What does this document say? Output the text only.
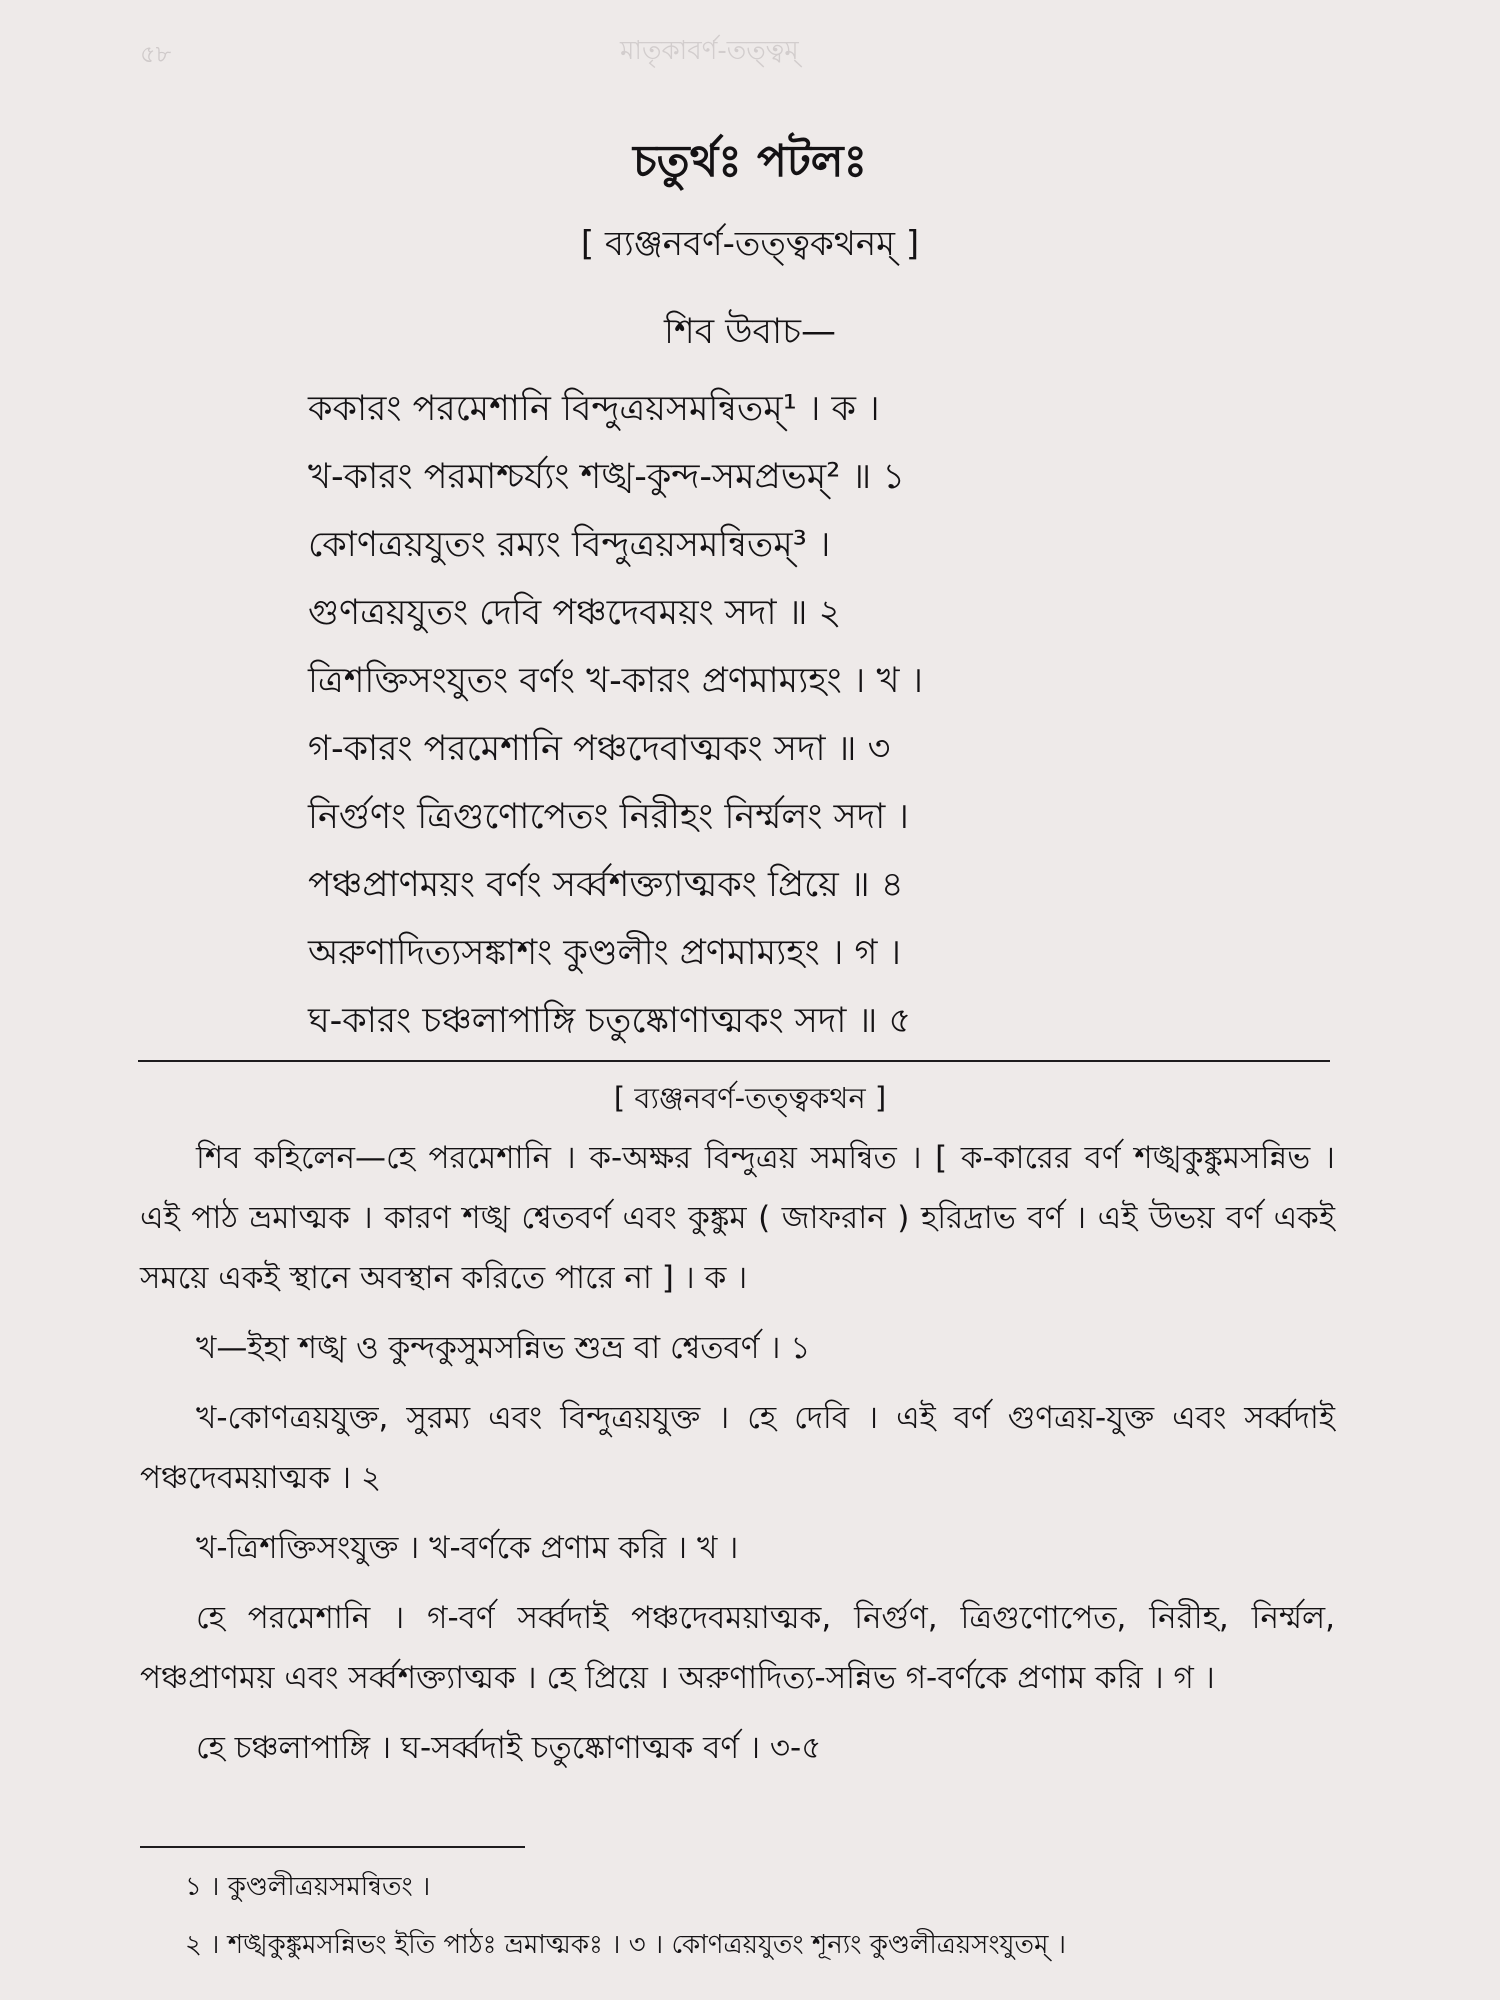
৫৮	মাতৃকাবর্ণ-তত্ত্বম্
চতুর্থঃ পটলঃ
[ ব্যঞ্জনবর্ণ-তত্ত্বকথনম্ ]
শিব উবাচ—
ককারং পরমেশানি বিন্দুত্রয়সমন্বিতম্¹ । ক ।
খ-কারং পরমাশ্চর্য্যং শঙ্খ-কুন্দ-সমপ্রভম্² ॥ ১
কোণত্রয়যুতং রম্যং বিন্দুত্রয়সমন্বিতম্³ ।
গুণত্রয়যুতং দেবি পঞ্চদেবময়ং সদা ॥ ২
ত্রিশক্তিসংযুতং বর্ণং খ-কারং প্রণমাম্যহং । খ ।
গ-কারং পরমেশানি পঞ্চদেবাত্মকং সদা ॥ ৩
নির্গুণং ত্রিগুণোপেতং নিরীহং নির্ম্মলং সদা ।
পঞ্চপ্রাণময়ং বর্ণং সর্ব্বশক্ত্যাত্মকং প্রিয়ে ॥ ৪
অরুণাদিত্যসঙ্কাশং কুণ্ডলীং প্রণমাম্যহং । গ ।
ঘ-কারং চঞ্চলাপাঙ্গি চতুষ্কোণাত্মকং সদা ॥ ৫
[ ব্যঞ্জনবর্ণ-তত্ত্বকথন ]

শিব কহিলেন—হে পরমেশানি । ক-অক্ষর বিন্দুত্রয় সমন্বিত । [ ক-কারের বর্ণ শঙ্খকুঙ্কুমসন্নিভ । এই পাঠ ভ্রমাত্মক । কারণ শঙ্খ শ্বেতবর্ণ এবং কুঙ্কুম ( জাফরান ) হরিদ্রাভ বর্ণ । এই উভয় বর্ণ একই সময়ে একই স্থানে অবস্থান করিতে পারে না ] । ক ।

খ—ইহা শঙ্খ ও কুন্দকুসুমসন্নিভ শুভ্র বা শ্বেতবর্ণ । ১

খ-কোণত্রয়যুক্ত, সুরম্য এবং বিন্দুত্রয়যুক্ত । হে দেবি । এই বর্ণ গুণত্রয়-যুক্ত এবং সর্ব্বদাই পঞ্চদেবময়াত্মক । ২

খ-ত্রিশক্তিসংযুক্ত । খ-বর্ণকে প্রণাম করি । খ ।

হে পরমেশানি । গ-বর্ণ সর্ব্বদাই পঞ্চদেবময়াত্মক, নির্গুণ, ত্রিগুণোপেত, নিরীহ, নির্ম্মল, পঞ্চপ্রাণময় এবং সর্ব্বশক্ত্যাত্মক । হে প্রিয়ে । অরুণাদিত্য-সন্নিভ গ-বর্ণকে প্রণাম করি । গ ।

হে চঞ্চলাপাঙ্গি । ঘ-সর্ব্বদাই চতুষ্কোণাত্মক বর্ণ । ৩-৫

১ । কুণ্ডলীত্রয়সমন্বিতং ।
২ । শঙ্খকুঙ্কুমসন্নিভং ইতি পাঠঃ ভ্রমাত্মকঃ । ৩ । কোণত্রয়যুতং শূন্যং কুণ্ডলীত্রয়সংযুতম্ ।
